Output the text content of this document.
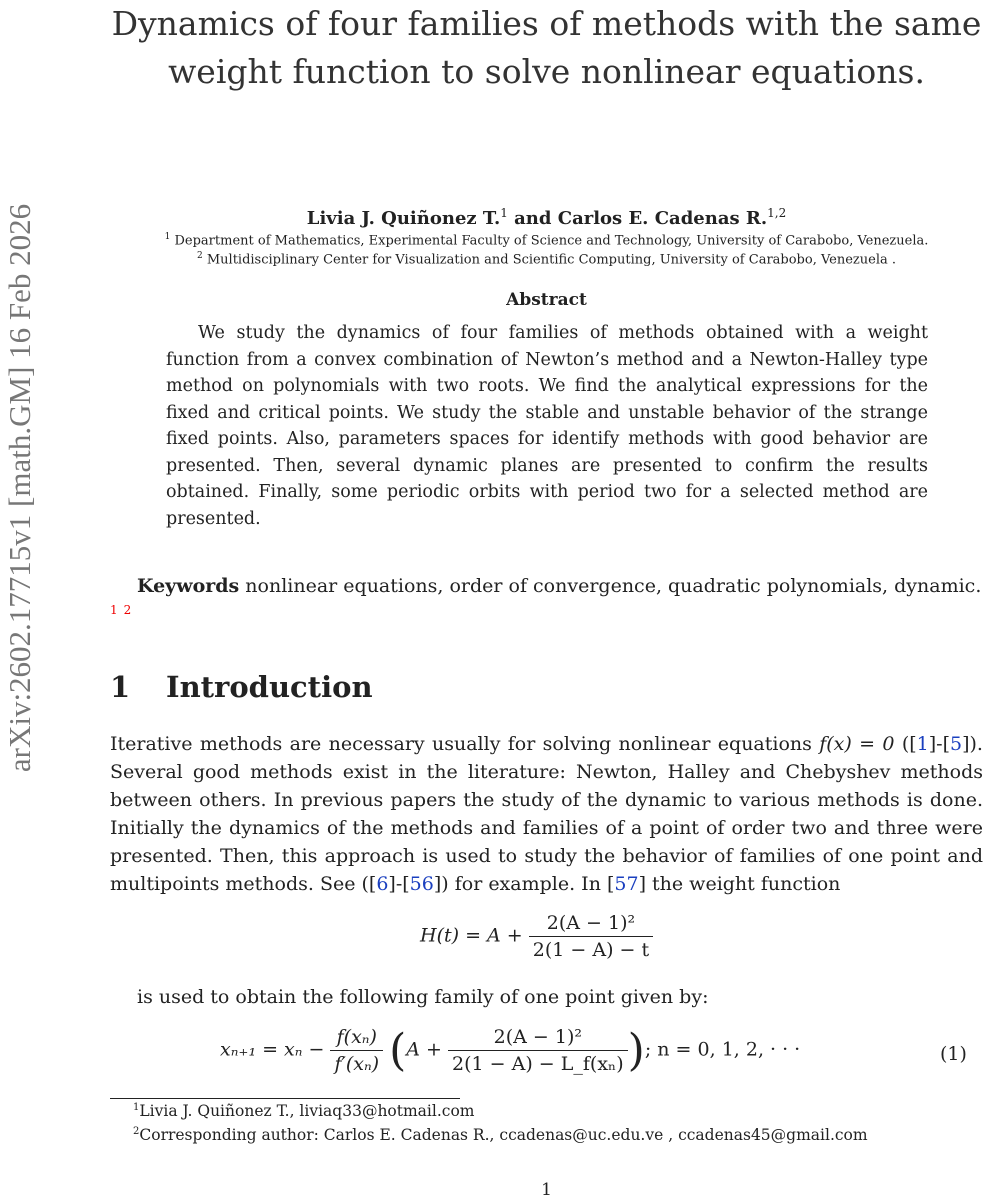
arXiv:2602.17715v1 [math.GM] 16 Feb 2026
Dynamics of four families of methods with the same
weight function to solve nonlinear equations.
Livia J. Quiñonez T.$^1$ and Carlos E. Cadenas R.$^{1,2}$
$^1$ Department of Mathematics, Experimental Faculty of Science and Technology, University of Carabobo, Venezuela.
$^2$ Multidisciplinary Center for Visualization and Scientific Computing, University of Carabobo, Venezuela .
Abstract
We study the dynamics of four families of methods obtained with a weight function from a convex combination of Newton’s method and a Newton-Halley type method on polynomials with two roots. We find the analytical expressions for the fixed and critical points. We study the stable and unstable behavior of the strange fixed points. Also, parameters spaces for identify methods with good behavior are presented. Then, several dynamic planes are presented to confirm the results obtained. Finally, some periodic orbits with period two for a selected method are presented.
Keywords nonlinear equations, order of convergence, quadratic polynomials, dynamic.
12
1 Introduction
Iterative methods are necessary usually for solving nonlinear equations f(x) = 0 ([1]-[5]). Several good methods exist in the literature: Newton, Halley and Chebyshev methods between others. In previous papers the study of the dynamic to various methods is done. Initially the dynamics of the methods and families of a point of order two and three were presented. Then, this approach is used to study the behavior of families of one point and multipoints methods. See ([6]-[56]) for example. In [57] the weight function
$H(t) = A + \frac{\text{2(A − 1)²}}{2(1 - A) - t}$
is used to obtain the following family of one point given by:
$x_{n+1} = x_n - \frac{\text{f(xₙ)}}{\text{f′(xₙ)}} (A + \frac{\text{2(A − 1)²}}{\text{2(1 − A) − L\_f(xₙ)}}$ ); n = 0, 1, 2, · · ·	(1)
$^1$Livia J. Quiñonez T., liviaq33@hotmail.com
$^2$Corresponding author: Carlos E. Cadenas R., ccadenas@uc.edu.ve , ccadenas45@gmail.com
1
